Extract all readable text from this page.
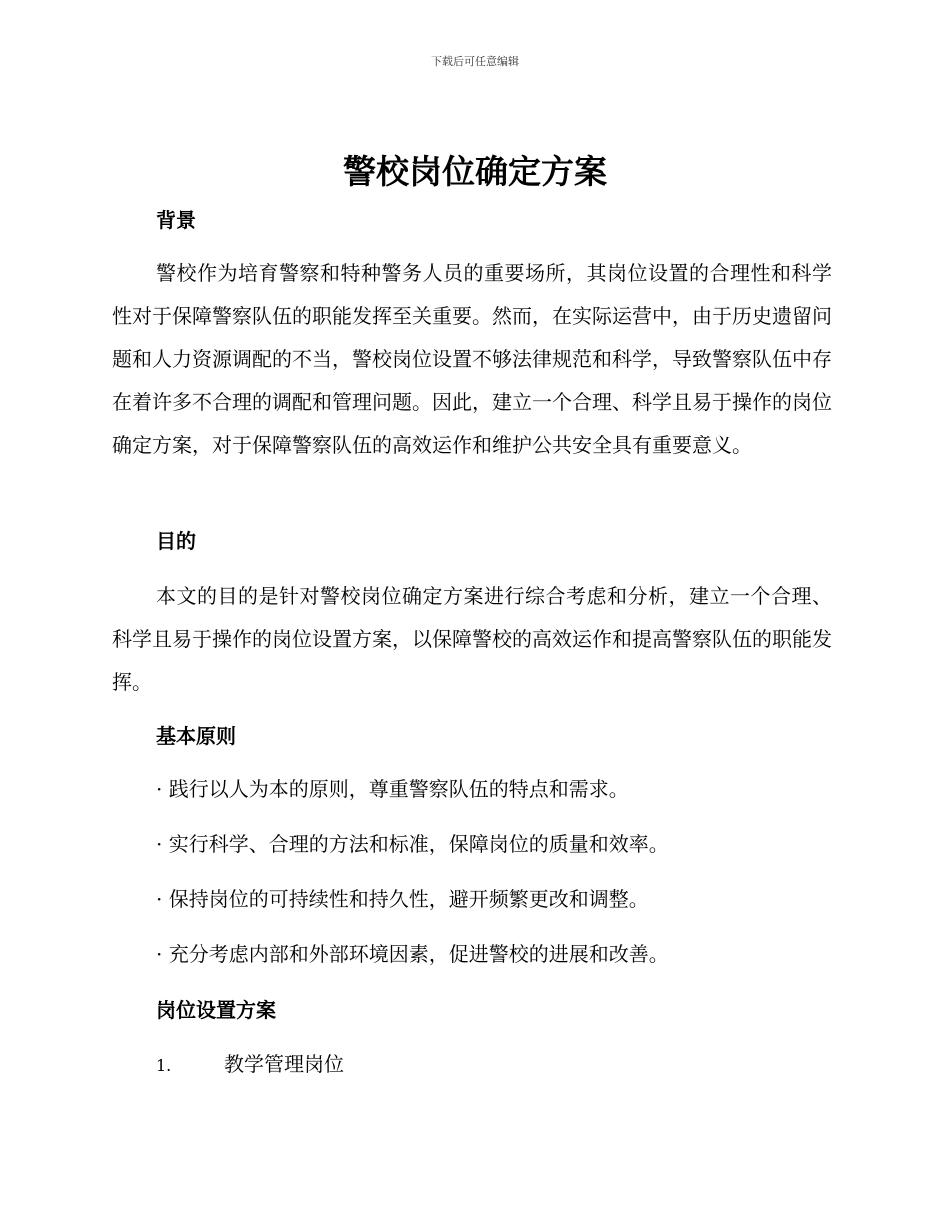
下载后可任意编辑
警校岗位确定方案
背景

警校作为培育警察和特种警务人员的重要场所，其岗位设置的合理性和科学性对于保障警察队伍的职能发挥至关重要。然而，在实际运营中，由于历史遗留问题和人力资源调配的不当，警校岗位设置不够法律规范和科学，导致警察队伍中存在着许多不合理的调配和管理问题。因此，建立一个合理、科学且易于操作的岗位确定方案，对于保障警察队伍的高效运作和维护公共安全具有重要意义。

目的

本文的目的是针对警校岗位确定方案进行综合考虑和分析，建立一个合理、科学且易于操作的岗位设置方案，以保障警校的高效运作和提高警察队伍的职能发挥。

基本原则

· 践行以人为本的原则，尊重警察队伍的特点和需求。

· 实行科学、合理的方法和标准，保障岗位的质量和效率。

· 保持岗位的可持续性和持久性，避开频繁更改和调整。

· 充分考虑内部和外部环境因素，促进警校的进展和改善。

岗位设置方案

1.	教学管理岗位
